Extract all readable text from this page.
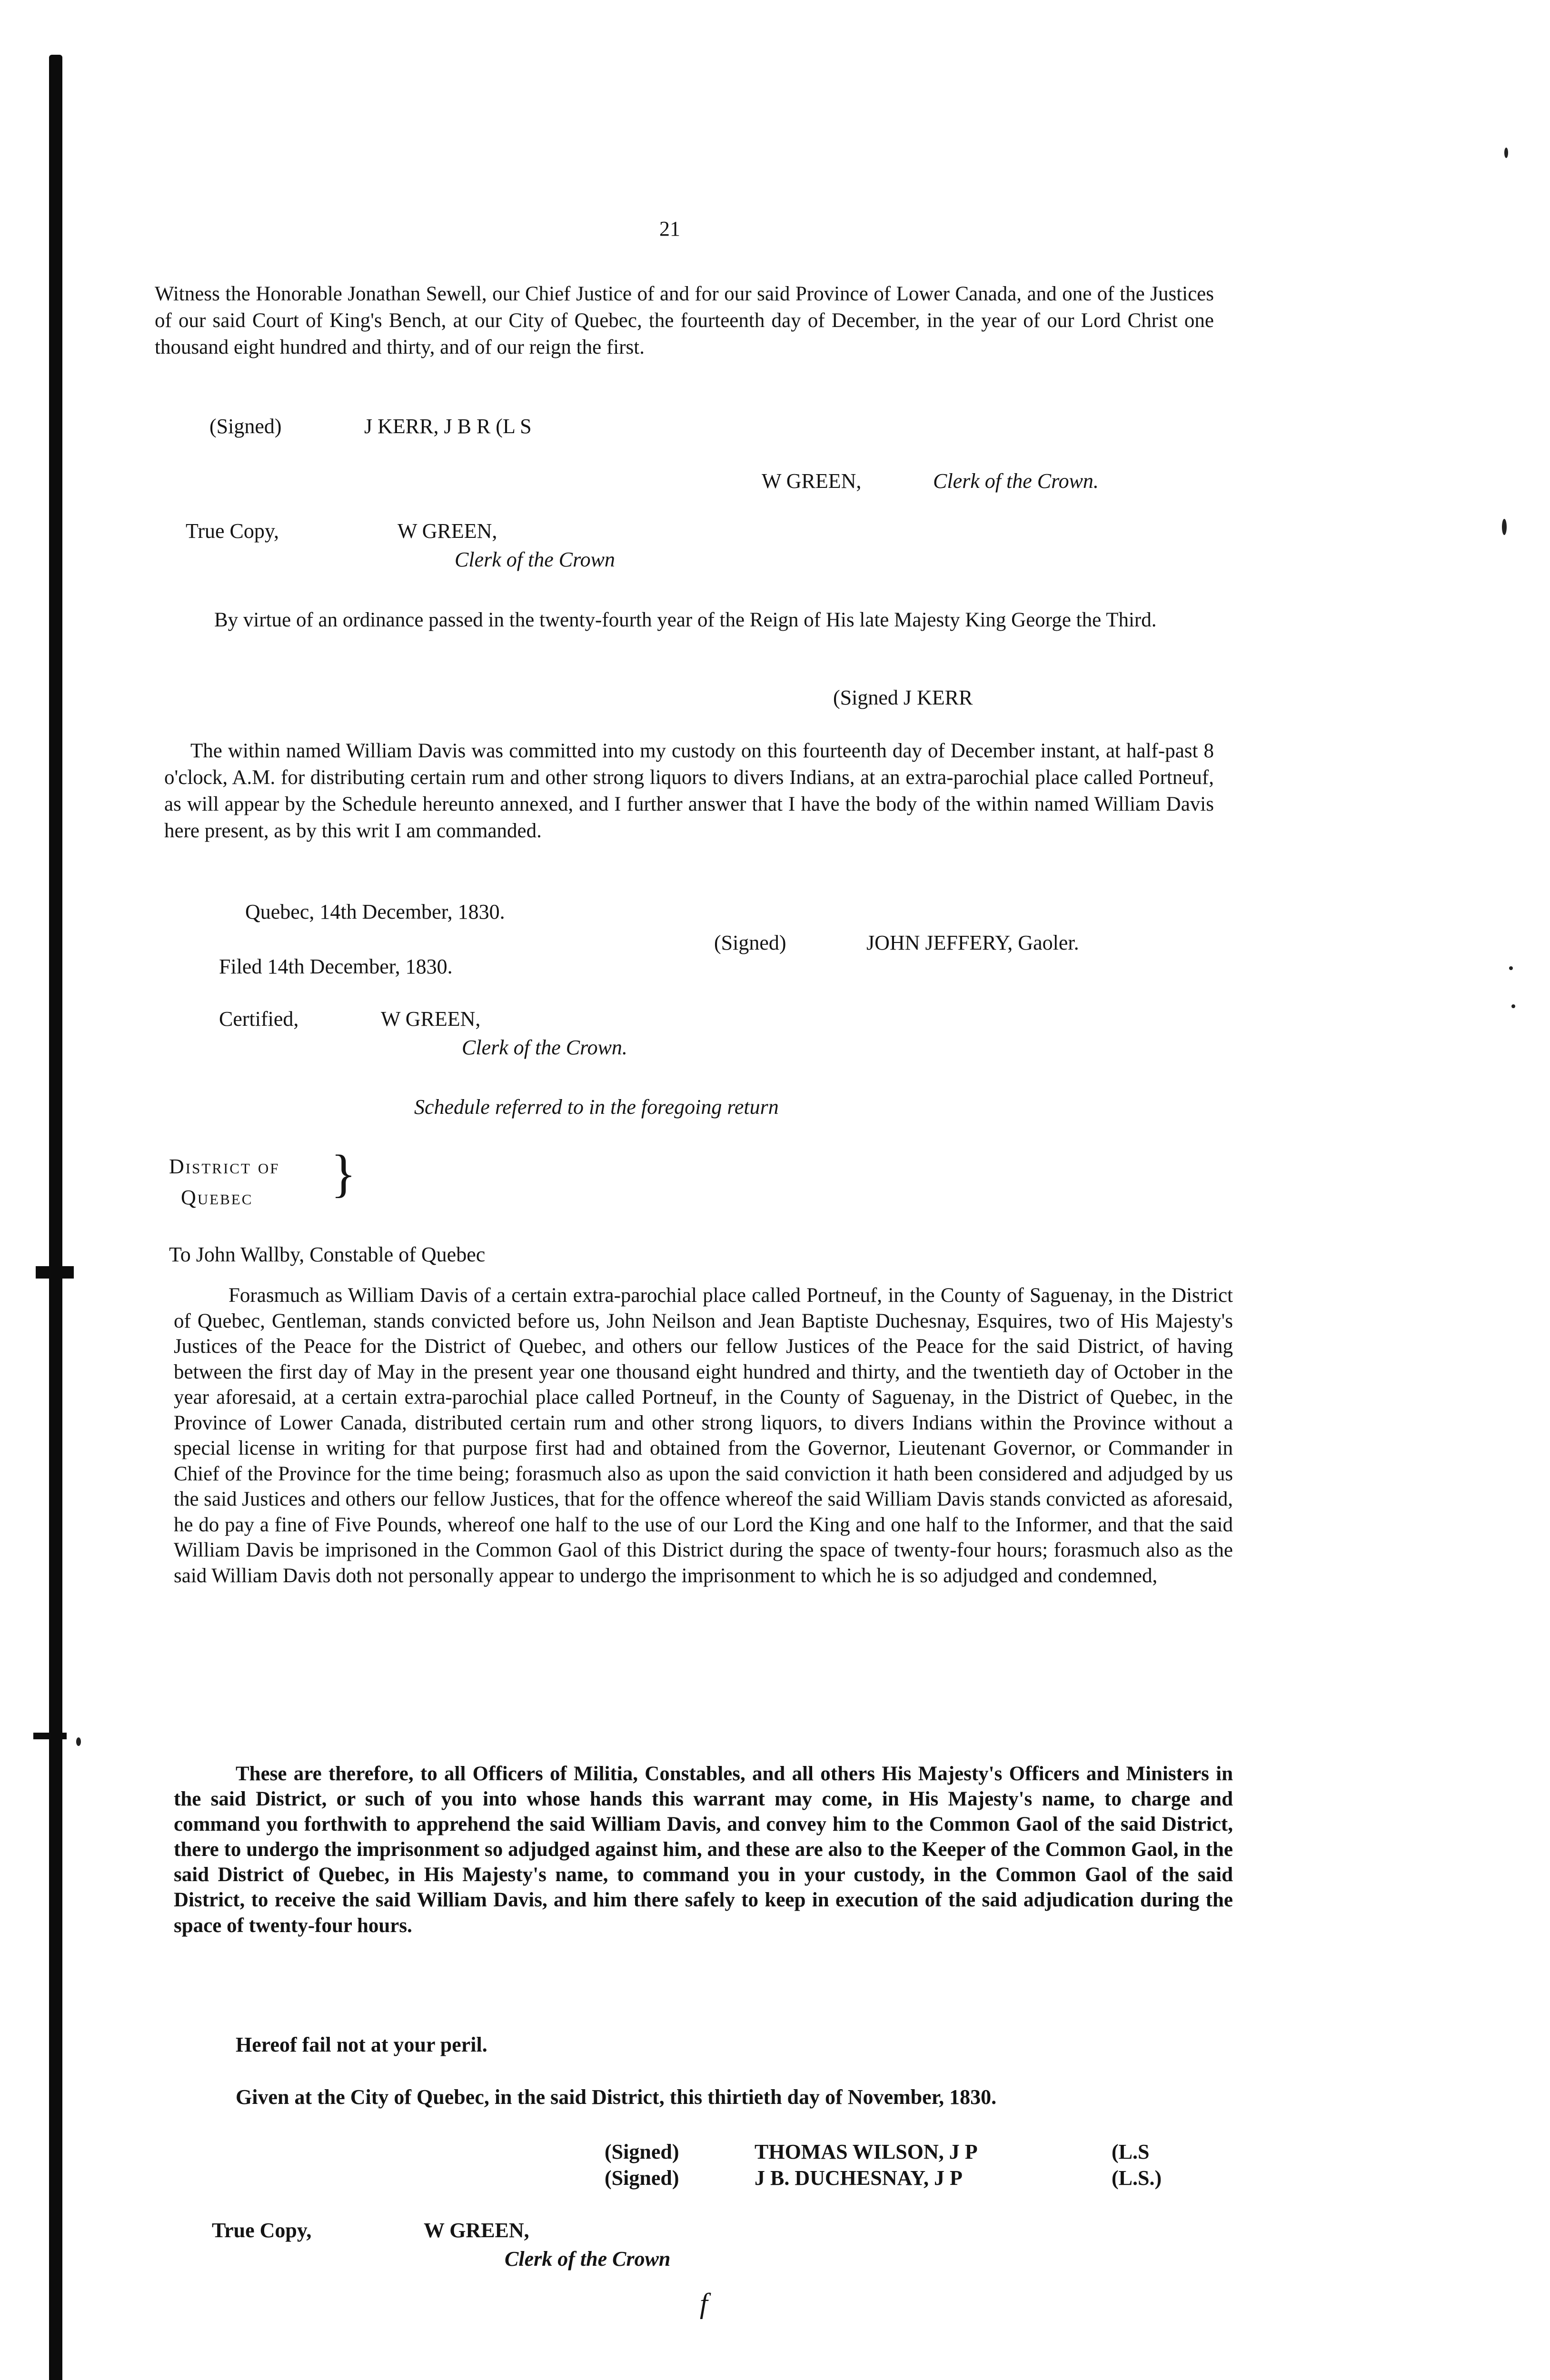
21

Witness the Honorable Jonathan Sewell, our Chief Justice of and for our said Province of Lower Canada, and one of the Justices of our said Court of King's Bench, at our City of Quebec, the fourteenth day of December, in the year of our Lord Christ one thousand eight hundred and thirty, and of our reign the first.

(Signed)	J KERR, J B R (L S
W GREEN,	Clerk of the Crown.
True Copy,	W GREEN,
Clerk of the Crown

By virtue of an ordinance passed in the twenty-fourth year of the Reign of His late Majesty King George the Third.

(Signed J KERR

The within named William Davis was committed into my custody on this fourteenth day of December instant, at half-past 8 o'clock, A.M. for distributing certain rum and other strong liquors to divers Indians, at an extra-parochial place called Portneuf, as will appear by the Schedule hereunto annexed, and I further answer that I have the body of the within named William Davis here present, as by this writ I am commanded.

Quebec, 14th December, 1830.
(Signed)	JOHN JEFFERY, Gaoler.
Filed 14th December, 1830.
Certified,	W GREEN,
Clerk of the Crown.
Schedule referred to in the foregoing return
District of }
Quebec
To John Wallby, Constable of Quebec

Forasmuch as William Davis of a certain extra-parochial place called Portneuf, in the County of Saguenay, in the District of Quebec, Gentleman, stands convicted before us, John Neilson and Jean Baptiste Duchesnay, Esquires, two of His Majesty's Justices of the Peace for the District of Quebec, and others our fellow Justices of the Peace for the said District, of having between the first day of May in the present year one thousand eight hundred and thirty, and the twentieth day of October in the year aforesaid, at a certain extra-parochial place called Portneuf, in the County of Saguenay, in the District of Quebec, in the Province of Lower Canada, distributed certain rum and other strong liquors, to divers Indians within the Province without a special license in writing for that purpose first had and obtained from the Governor, Lieutenant Governor, or Commander in Chief of the Province for the time being; forasmuch also as upon the said conviction it hath been considered and adjudged by us the said Justices and others our fellow Justices, that for the offence whereof the said William Davis stands convicted as aforesaid, he do pay a fine of Five Pounds, whereof one half to the use of our Lord the King and one half to the Informer, and that the said William Davis be imprisoned in the Common Gaol of this District during the space of twenty-four hours; forasmuch also as the said William Davis doth not personally appear to undergo the imprisonment to which he is so adjudged and condemned,

These are therefore, to all Officers of Militia, Constables, and all others His Majesty's Officers and Ministers in the said District, or such of you into whose hands this warrant may come, in His Majesty's name, to charge and command you forthwith to apprehend the said William Davis, and convey him to the Common Gaol of the said District, there to undergo the imprisonment so adjudged against him, and these are also to the Keeper of the Common Gaol, in the said District of Quebec, in His Majesty's name, to command you in your custody, in the Common Gaol of the said District, to receive the said William Davis, and him there safely to keep in execution of the said adjudication during the space of twenty-four hours.

Hereof fail not at your peril.
Given at the City of Quebec, in the said District, this thirtieth day of November, 1830.
(Signed)	THOMAS WILSON, J P	(L.S
(Signed)	J B. DUCHESNAY, J P	(L.S.)
True Copy,	W GREEN,
Clerk of the Crown
f
